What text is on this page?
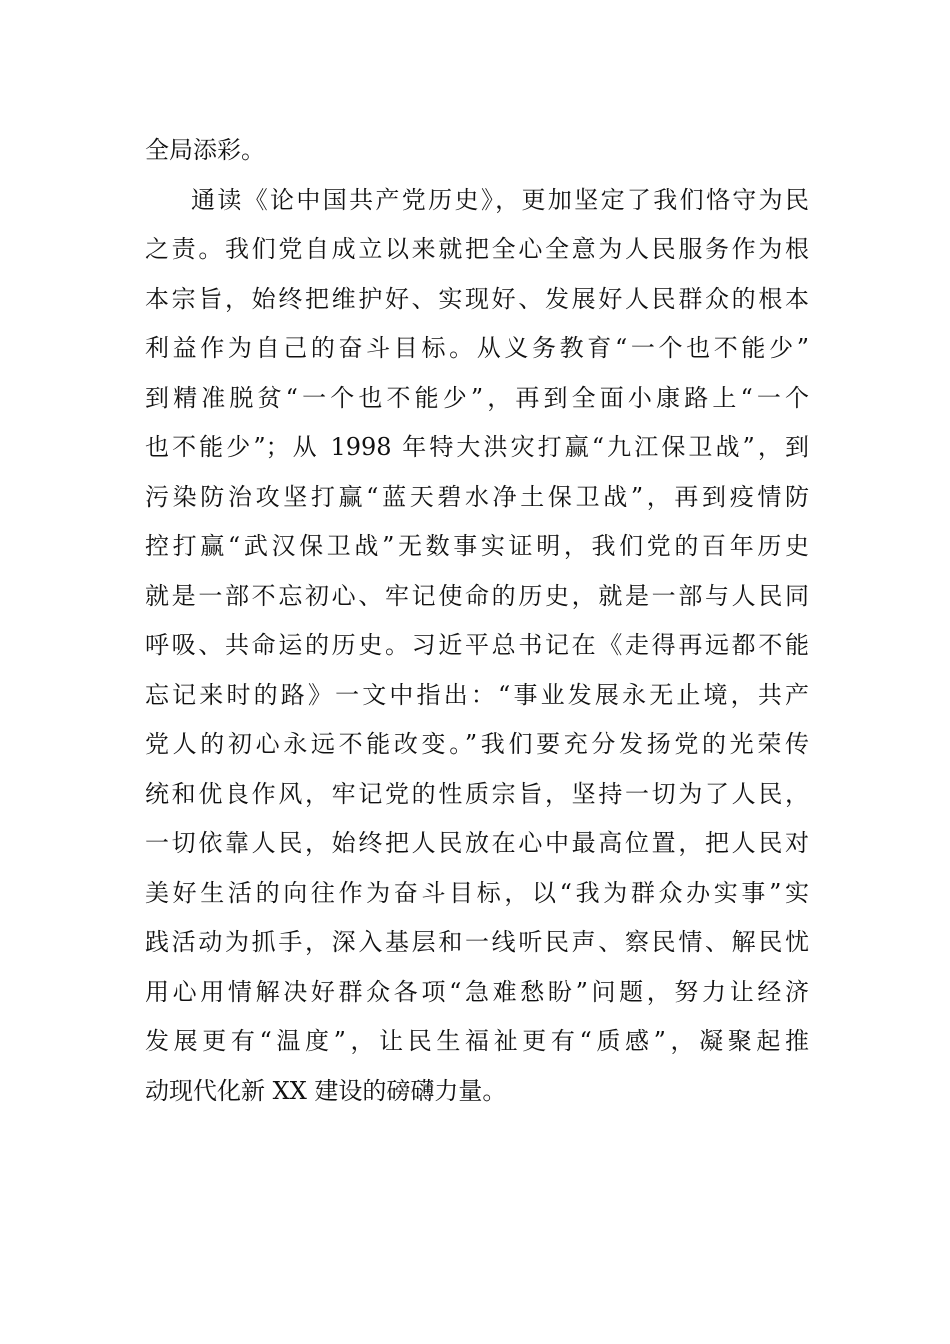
全局添彩。
通读《论中国共产党历史》，更加坚定了我们恪守为民
之责。我们党自成立以来就把全心全意为人民服务作为根
本宗旨，始终把维护好、实现好、发展好人民群众的根本
利益作为自己的奋斗目标。从义务教育“一个也不能少”
到精准脱贫“一个也不能少”，再到全面小康路上“一个
也不能少”；从 1998 年特大洪灾打赢“九江保卫战”，到
污染防治攻坚打赢“蓝天碧水净土保卫战”，再到疫情防
控打赢“武汉保卫战”无数事实证明，我们党的百年历史
就是一部不忘初心、牢记使命的历史，就是一部与人民同
呼吸、共命运的历史。习近平总书记在《走得再远都不能
忘记来时的路》一文中指出：“事业发展永无止境，共产
党人的初心永远不能改变。”我们要充分发扬党的光荣传
统和优良作风，牢记党的性质宗旨，坚持一切为了人民，
一切依靠人民，始终把人民放在心中最高位置，把人民对
美好生活的向往作为奋斗目标，以“我为群众办实事”实
践活动为抓手，深入基层和一线听民声、察民情、解民忧
用心用情解决好群众各项“急难愁盼”问题，努力让经济
发展更有“温度”，让民生福祉更有“质感”，凝聚起推
动现代化新 XX 建设的磅礴力量。
